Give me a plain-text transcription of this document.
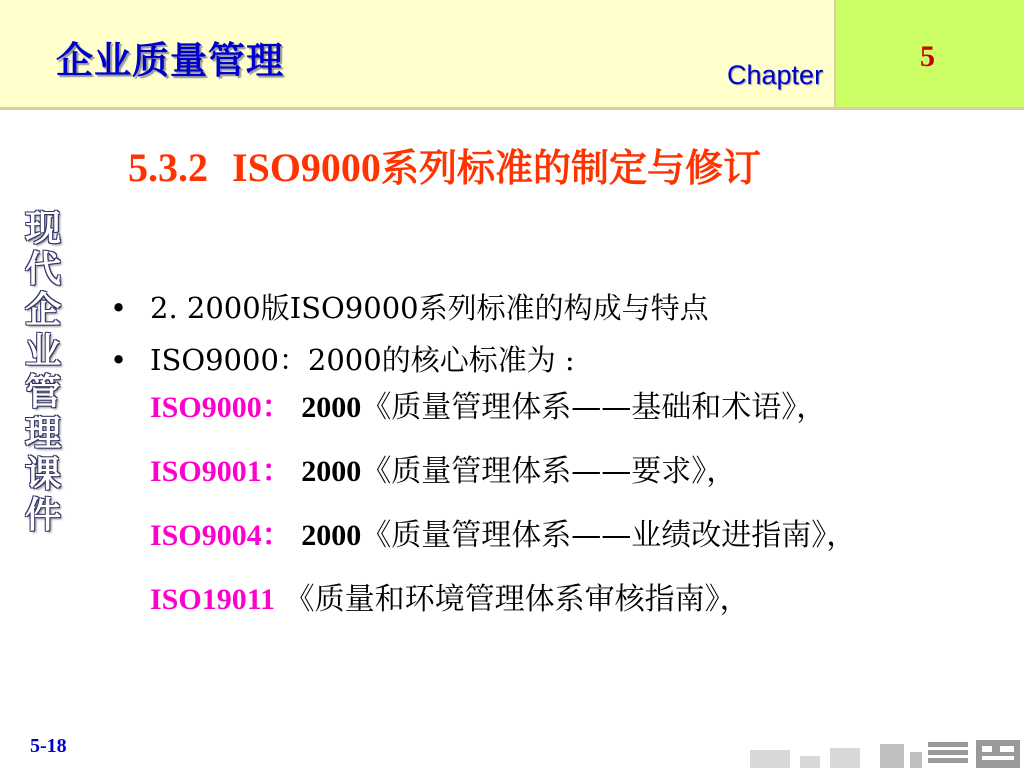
企业质量管理	Chapter
5
5.3.2 ISO9000系列标准的制定与修订
现
代
企
业
管
理
课
件
• 2. 2000版ISO9000系列标准的构成与特点
• ISO9000：2000的核心标准为 :
ISO9000： 2000《质量管理体系——基础和术语》，
ISO9001： 2000《质量管理体系——要求》，
ISO9004： 2000《质量管理体系——业绩改进指南》，
ISO19011 《质量和环境管理体系审核指南》，
5-18
